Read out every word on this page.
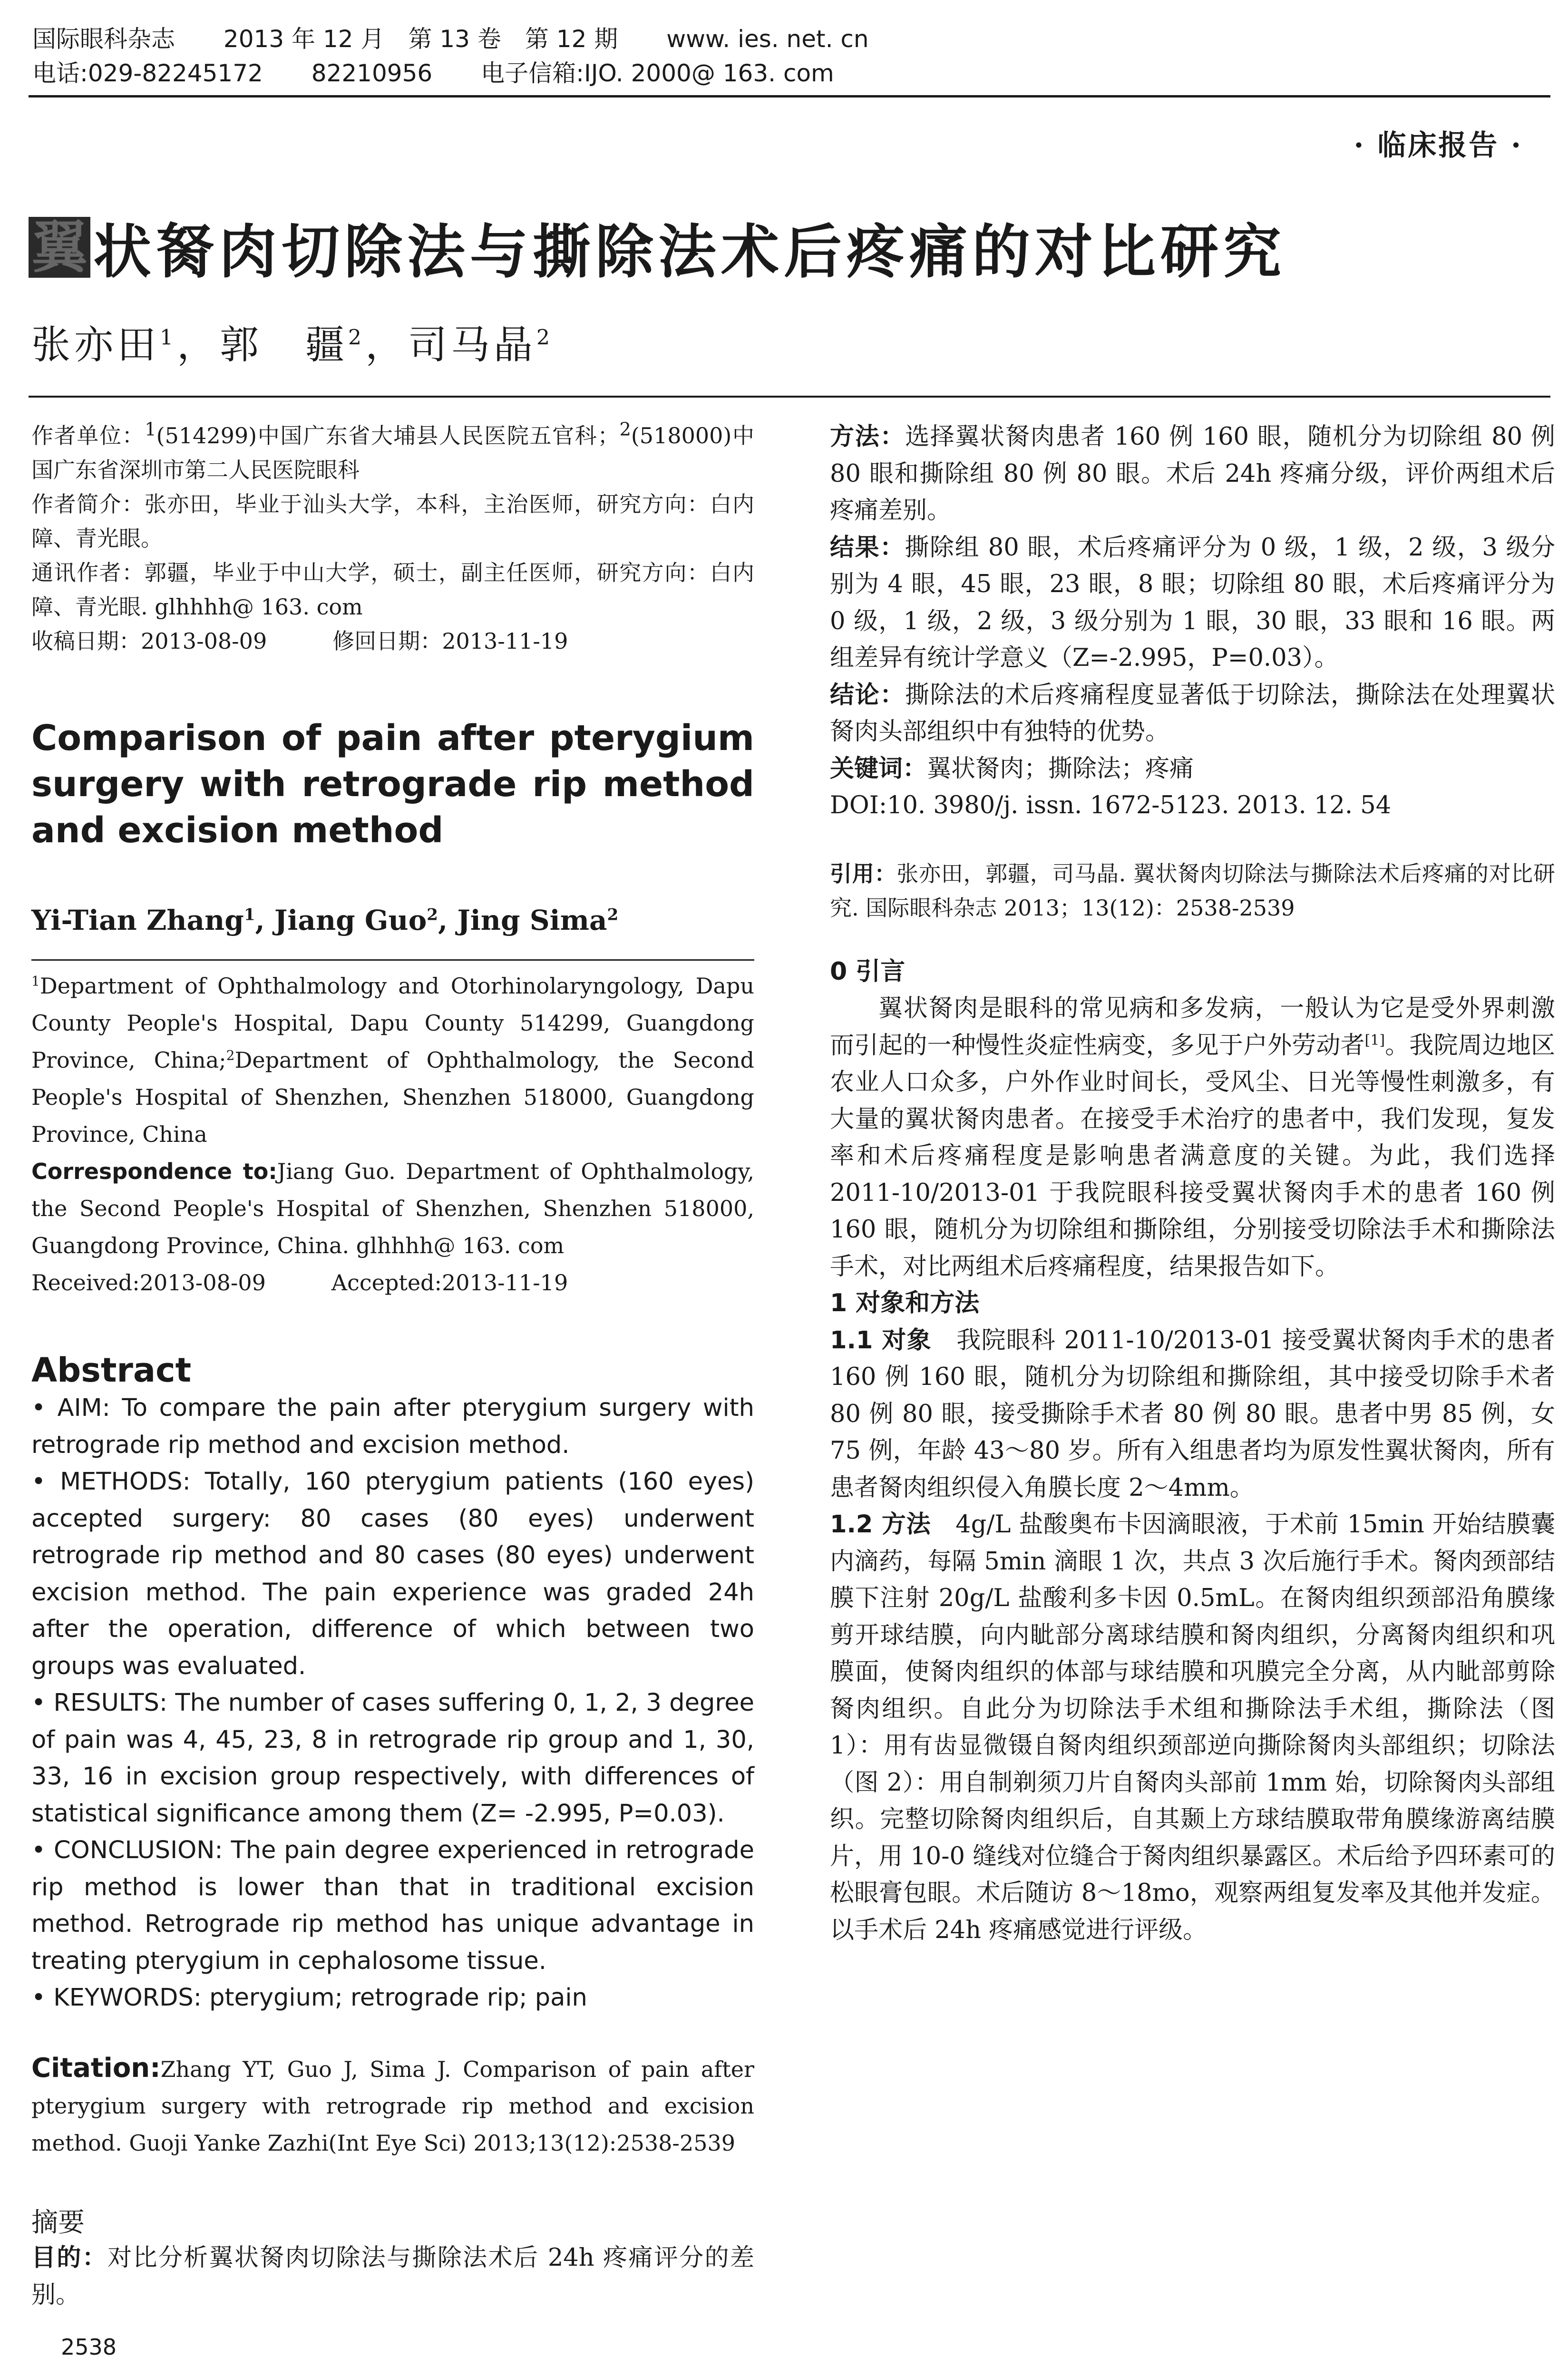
国际眼科杂志 2013 年 12 月　第 13 卷　第 12 期 www. ies. net. cn
电话:029-82245172 82210956 电子信箱:IJO. 2000@ 163. com
· 临床报告 ·
翼 状胬肉切除法与撕除法术后疼痛的对比研究
张亦田$^1$，郭　疆$^2$，司马晶$^2$
作者单位：$^1$(514299)中国广东省大埔县人民医院五官科；$^2$(518000)中国广东省深圳市第二人民医院眼科
作者简介：张亦田，毕业于汕头大学，本科，主治医师，研究方向：白内障、青光眼。
通讯作者：郭疆，毕业于中山大学，硕士，副主任医师，研究方向：白内障、青光眼. glhhhh@ 163. com
收稿日期：2013-08-09　　　修回日期：2013-11-19
Comparison of pain after pterygium surgery with retrograde rip method and excision method
Yi-Tian Zhang$^1$, Jiang Guo$^2$, Jing Sima$^2$
$^1$Department of Ophthalmology and Otorhinolaryngology, Dapu County People's Hospital, Dapu County 514299, Guangdong Province, China;$^2$Department of Ophthalmology, the Second People's Hospital of Shenzhen, Shenzhen 518000, Guangdong Province, China
Correspondence to:Jiang Guo. Department of Ophthalmology, the Second People's Hospital of Shenzhen, Shenzhen 518000, Guangdong Province, China. glhhhh@ 163. com
Received:2013-08-09　　　Accepted:2013-11-19
Abstract

• AIM: To compare the pain after pterygium surgery with retrograde rip method and excision method.

• METHODS: Totally, 160 pterygium patients (160 eyes) accepted surgery: 80 cases (80 eyes) underwent retrograde rip method and 80 cases (80 eyes) underwent excision method. The pain experience was graded 24h after the operation, difference of which between two groups was evaluated.

• RESULTS: The number of cases suffering 0, 1, 2, 3 degree of pain was 4, 45, 23, 8 in retrograde rip group and 1, 30, 33, 16 in excision group respectively, with differences of statistical significance among them (Z= -2.995, P=0.03).

• CONCLUSION: The pain degree experienced in retrograde rip method is lower than that in traditional excision method. Retrograde rip method has unique advantage in treating pterygium in cephalosome tissue.

• KEYWORDS: pterygium; retrograde rip; pain

Citation:Zhang YT, Guo J, Sima J. Comparison of pain after pterygium surgery with retrograde rip method and excision method. Guoji Yanke Zazhi(Int Eye Sci) 2013;13(12):2538-2539
摘要
目的：对比分析翼状胬肉切除法与撕除法术后 24h 疼痛评分的差别。
方法：选择翼状胬肉患者 160 例 160 眼，随机分为切除组 80 例 80 眼和撕除组 80 例 80 眼。术后 24h 疼痛分级，评价两组术后疼痛差别。
结果：撕除组 80 眼，术后疼痛评分为 0 级，1 级，2 级，3 级分别为 4 眼，45 眼，23 眼，8 眼；切除组 80 眼，术后疼痛评分为 0 级，1 级，2 级，3 级分别为 1 眼，30 眼，33 眼和 16 眼。两组差异有统计学意义（Z=-2.995，P=0.03）。
结论：撕除法的术后疼痛程度显著低于切除法，撕除法在处理翼状胬肉头部组织中有独特的优势。
关键词：翼状胬肉；撕除法；疼痛
DOI:10. 3980/j. issn. 1672-5123. 2013. 12. 54
引用：张亦田，郭疆，司马晶. 翼状胬肉切除法与撕除法术后疼痛的对比研究. 国际眼科杂志 2013；13(12)：2538-2539
0 引言
翼状胬肉是眼科的常见病和多发病，一般认为它是受外界刺激而引起的一种慢性炎症性病变，多见于户外劳动者[1]。我院周边地区农业人口众多，户外作业时间长，受风尘、日光等慢性刺激多，有大量的翼状胬肉患者。在接受手术治疗的患者中，我们发现，复发率和术后疼痛程度是影响患者满意度的关键。为此，我们选择 2011-10/2013-01 于我院眼科接受翼状胬肉手术的患者 160 例 160 眼，随机分为切除组和撕除组，分别接受切除法手术和撕除法手术，对比两组术后疼痛程度，结果报告如下。
1 对象和方法
1.1 对象　我院眼科 2011-10/2013-01 接受翼状胬肉手术的患者 160 例 160 眼，随机分为切除组和撕除组，其中接受切除手术者 80 例 80 眼，接受撕除手术者 80 例 80 眼。患者中男 85 例，女 75 例，年龄 43～80 岁。所有入组患者均为原发性翼状胬肉，所有患者胬肉组织侵入角膜长度 2～4mm。
1.2 方法　4g/L 盐酸奥布卡因滴眼液，于术前 15min 开始结膜囊内滴药，每隔 5min 滴眼 1 次，共点 3 次后施行手术。胬肉颈部结膜下注射 20g/L 盐酸利多卡因 0.5mL。在胬肉组织颈部沿角膜缘剪开球结膜，向内眦部分离球结膜和胬肉组织，分离胬肉组织和巩膜面，使胬肉组织的体部与球结膜和巩膜完全分离，从内眦部剪除胬肉组织。自此分为切除法手术组和撕除法手术组，撕除法（图 1）：用有齿显微镊自胬肉组织颈部逆向撕除胬肉头部组织；切除法（图 2）：用自制剃须刀片自胬肉头部前 1mm 始，切除胬肉头部组织。完整切除胬肉组织后，自其颞上方球结膜取带角膜缘游离结膜片，用 10-0 缝线对位缝合于胬肉组织暴露区。术后给予四环素可的松眼膏包眼。术后随访 8～18mo，观察两组复发率及其他并发症。以手术后 24h 疼痛感觉进行评级。
2538
